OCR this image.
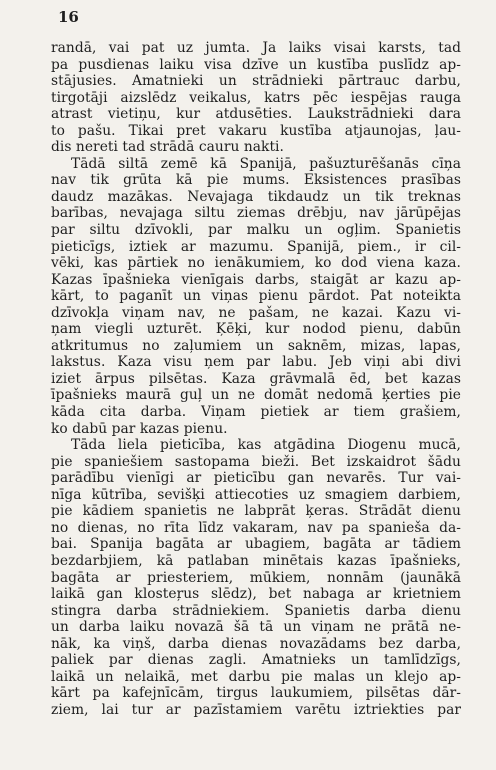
16
randā, vai pat uz jumta. Ja laiks visai karsts, tad
pa pusdienas laiku visa dzīve un kustība puslīdz ap-
stājusies. Amatnieki un strādnieki pārtrauc darbu,
tirgotāji aizslēdz veikalus, katrs pēc iespējas rauga
atrast vietiņu, kur atdusēties. Laukstrādnieki dara
to pašu. Tikai pret vakaru kustība atjaunojas, ļau-
dis nereti tad strādā cauru nakti.
Tādā siltā zemē kā Spanijā, pašuzturēšanās cīņa
nav tik grūta kā pie mums. Eksistences prasības
daudz mazākas. Nevajaga tikdaudz un tik treknas
barības, nevajaga siltu ziemas drēbju, nav jārūpējas
par siltu dzīvokli, par malku un ogļim. Spanietis
pieticīgs, iztiek ar mazumu. Spanijā, piem., ir cil-
vēki, kas pārtiek no ienākumiem, ko dod viena kaza.
Kazas īpašnieka vienīgais darbs, staigāt ar kazu ap-
kārt, to paganīt un viņas pienu pārdot. Pat noteikta
dzīvokļa viņam nav, ne pašam, ne kazai. Kazu vi-
ņam viegli uzturēt. Ķēķi, kur nodod pienu, dabūn
atkritumus no zaļumiem un saknēm, mizas, lapas,
lakstus. Kaza visu ņem par labu. Jeb viņi abi divi
iziet ārpus pilsētas. Kaza grāvmalā ēd, bet kazas
īpašnieks maurā guļ un ne domāt nedomā ķerties pie
kāda cita darba. Viņam pietiek ar tiem grašiem,
ko dabū par kazas pienu.
Tāda liela pieticība, kas atgādina Diogenu mucā,
pie spaniešiem sastopama bieži. Bet izskaidrot šādu
parādību vienīgi ar pieticību gan nevarēs. Tur vai-
nīga kūtrība, sevišķi attiecoties uz smagiem darbiem,
pie kādiem spanietis ne labprāt ķeras. Strādāt dienu
no dienas, no rīta līdz vakaram, nav pa spanieša da-
bai. Spanija bagāta ar ubagiem, bagāta ar tādiem
bezdarbjiem, kā patlaban minētais kazas īpašnieks,
bagāta ar priesteriem, mūkiem, nonnām (jaunākā
laikā gan klosteŗus slēdz), bet nabaga ar krietniem
stingra darba strādniekiem. Spanietis darba dienu
un darba laiku novazā šā tā un viņam ne prātā ne-
nāk, ka viņš, darba dienas novazādams bez darba,
paliek par dienas zagli. Amatnieks un tamlīdzīgs,
laikā un nelaikā, met darbu pie malas un klejo ap-
kārt pa kafejnīcām, tirgus laukumiem, pilsētas dār-
ziem, lai tur ar pazīstamiem varētu iztriekties par
